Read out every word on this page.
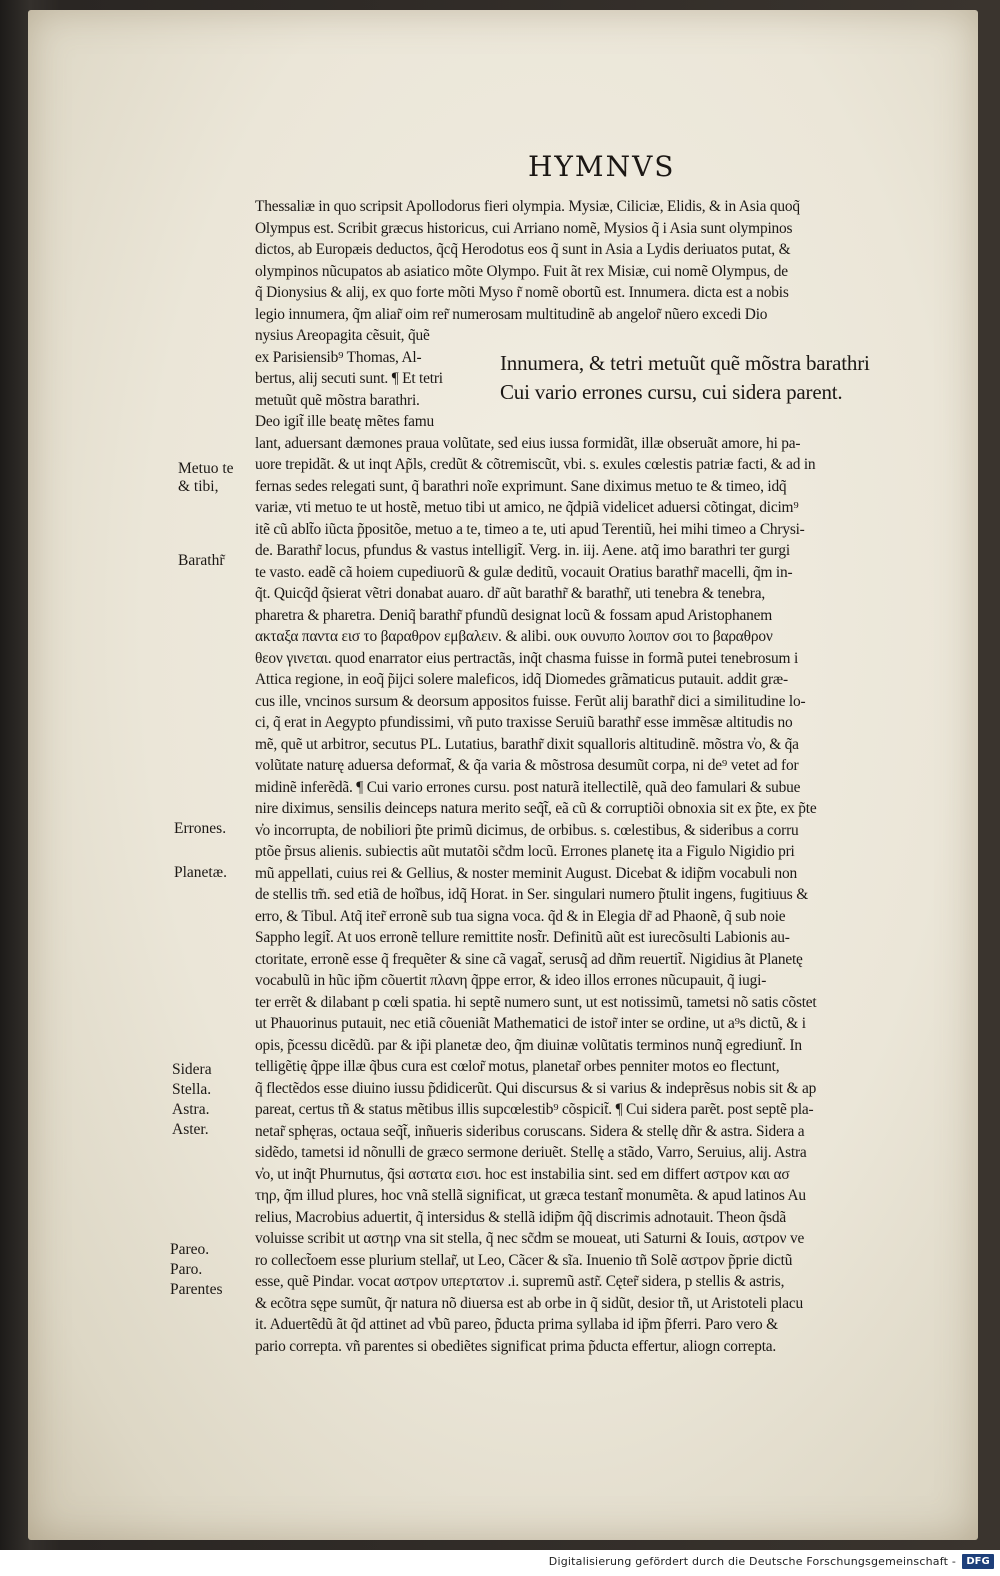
HYMNVS
Thessaliæ in quo scripsit Apollodorus fieri olympia. Mysiæ, Ciliciæ, Elidis, & in Asia quoq̃
Olympus est. Scribit græcus historicus, cui Arriano nomẽ, Mysios q̃ i Asia sunt olympinos
dictos, ab Europæis deductos, q̃cq̃ Herodotus eos q̃ sunt in Asia a Lydis deriuatos putat, &
olympinos nũcupatos ab asiatico mõte Olympo. Fuit ãt rex Misiæ, cui nomẽ Olympus, de
q̃ Dionysius & alij, ex quo forte mõti Myso r̃ nomẽ obortũ est. Innumera. dicta est a nobis
legio innumera, q̃m aliar̃ oim rer̃ numerosam multitudinẽ ab angelor̃ nũero excedi Dio
nysius Areopagita cẽsuit, q̃uẽ
ex Parisiensib⁹ Thomas, Al-
bertus, alij secuti sunt. ¶ Et tetri
metuũt quẽ mõstra barathri.
Deo igit̃ ille beatę mẽtes famu
Innumera, & tetri metuũt quẽ mõstra barathri
Cui vario errones cursu, cui sidera parent.
lant, aduersant dæmones praua volũtate, sed eius iussa formidãt, illæ obseruãt amore, hi pa-
uore trepidãt. & ut inqt Ap̃ls, credũt & cõtremiscũt, vbi. s. exules cœlestis patriæ facti, & ad in
fernas sedes relegati sunt, q̃ barathri noĩe exprimunt. Sane diximus metuo te & timeo, idq̃
variæ, vti metuo te ut hostẽ, metuo tibi ut amico, ne q̃dpiã videlicet aduersi cõtingat, dicim⁹
itẽ cũ ablt̃o iũcta p̃positõe, metuo a te, timeo a te, uti apud Terentiũ, hei mihi timeo a Chrysi-
de. Barathr̃ locus, pfundus & vastus intelligit̃. Verg. in. iij. Aene. atq̃ imo barathri ter gurgi
te vasto. eadẽ cã hoiem cupediuorũ & gulæ deditũ, vocauit Oratius barathr̃ macelli, q̃m in-
q̃t. Quicq̃d q̃sierat vẽtri donabat auaro. dr̃ aũt barathr̃ & barathr̃, uti tenebra & tenebra,
pharetra & pharetra. Deniq̃ barathr̃ pfundũ designat locũ & fossam apud Aristophanem
ακταξα παντα εισ το βαραθρον εμβαλειν. & alibi. ουκ ουνυπο λοιπον σοι το βαραθρον
θεον γινεται. quod enarrator eius pertractãs, inq̃t chasma fuisse in formã putei tenebrosum i
Attica regione, in eoq̃ p̃ijci solere maleficos, idq̃ Diomedes grãmaticus putauit. addit græ-
cus ille, vncinos sursum & deorsum appositos fuisse. Ferũt alij barathr̃ dici a similitudine lo-
ci, q̃ erat in Aegypto pfundissimi, vñ puto traxisse Seruiũ barathr̃ esse immẽsæ altitudis no
mẽ, quẽ ut arbitror, secutus PL. Lutatius, barathr̃ dixit squalloris altitudinẽ. mõstra v̓o, & q̃a
volũtate naturę aduersa deformat̃, & q̃a varia & mõstrosa desumũt corpa, ni de⁹ vetet ad for
midinẽ inferẽdã. ¶ Cui vario errones cursu. post naturã itellectilẽ, quã deo famulari & subue
nire diximus, sensilis deinceps natura merito seq̃t̃, eã cũ & corruptiõi obnoxia sit ex p̃te, ex p̃te
v̓o incorrupta, de nobiliori p̃te primũ dicimus, de orbibus. s. cœlestibus, & sideribus a corru
ptõe p̃rsus alienis. subiectis aũt mutatõi sc̃dm locũ. Errones planetę ita a Figulo Nigidio pri
mũ appellati, cuius rei & Gellius, & noster meminit August. Dicebat & idip̃m vocabuli non
de stellis tm̃. sed etiã de hoĩbus, idq̃ Horat. in Ser. singulari numero p̃tulit ingens, fugitiuus &
erro, & Tibul. Atq̃ iter̃ erronẽ sub tua signa voca. q̃d & in Elegia dr̃ ad Phaonẽ, q̃ sub noie
Sappho legit̃. At uos erronẽ tellure remittite nost̃r. Definitũ aũt est iurecõsulti Labionis au-
ctoritate, erronẽ esse q̃ frequẽter & sine cã vagat̃, serusq̃ ad dñm reuertit̃. Nigidius ãt Planetę
vocabulũ in hũc ip̃m cõuertit πλανη q̃ppe error, & ideo illos errones nũcupauit, q̃ iugi-
ter errẽt & dilabant p cœli spatia. hi septẽ numero sunt, ut est notissimũ, tametsi nõ satis cõstet
ut Phauorinus putauit, nec etiã cõueniãt Mathematici de istor̃ inter se ordine, ut a⁹s dictũ, & i
opis, p̃cessu dicẽdũ. par & ip̃i planetæ deo, q̃m diuinæ volũtatis terminos nunq̃ egrediunt̃. In
telligẽtię q̃ppe illæ q̃bus cura est cœlor̃ motus, planetar̃ orbes penniter motos eo flectunt,
q̃ flectẽdos esse diuino iussu p̃didicerũt. Qui discursus & si varius & indeprẽsus nobis sit & ap
pareat, certus tñ & status mẽtibus illis supcœlestib⁹ cõspicit̃. ¶ Cui sidera parẽt. post septẽ pla-
netar̃ sphęras, octaua seq̃t̃, inñueris sideribus coruscans. Sidera & stellę dñr & astra. Sidera a
sidẽdo, tametsi id nõnulli de græco sermone deriuẽt. Stellę a stãdo, Varro, Seruius, alij. Astra
v̓o, ut inq̃t Phurnutus, q̃si αστατα εισι. hoc est instabilia sint. sed em differt αστρον και ασ
τηρ, q̃m illud plures, hoc vnã stellã significat, ut græca testant̃ monumẽta. & apud latinos Au
relius, Macrobius aduertit, q̃ intersidus & stellã idip̃m q̃q̃ discrimis adnotauit. Theon q̃sdã
voluisse scribit ut αστηρ vna sit stella, q̃ nec sc̃dm se moueat, uti Saturni & Iouis, αστρον ve
ro collect̃oem esse plurium stellar̃, ut Leo, Cãcer & sĩa. Inuenio tñ Solẽ αστρον p̃prie dictũ
esse, quẽ Pindar. vocat αστρον υπερτατον .i. supremũ astr̃. Cęter̃ sidera, p stellis & astris,
& ecõtra sępe sumũt, q̃r natura nõ diuersa est ab orbe in q̃ sidũt, desior tñ, ut Aristoteli placu
it. Aduertẽdũ ãt q̃d attinet ad v̓bũ pareo, p̃ducta prima syllaba id ip̃m p̃ferri. Paro vero &
pario correpta. vñ parentes si obediẽtes significat prima p̃ducta effertur, aliogn correpta.
Metuo te
& tibi,
Barathr̃
Errones.
Planetæ.
Sidera
Stella.
Astra.
Aster.
Pareo.
Paro.
Parentes
Digitalisierung gefördert durch die Deutsche Forschungsgemeinschaft -	DFG
